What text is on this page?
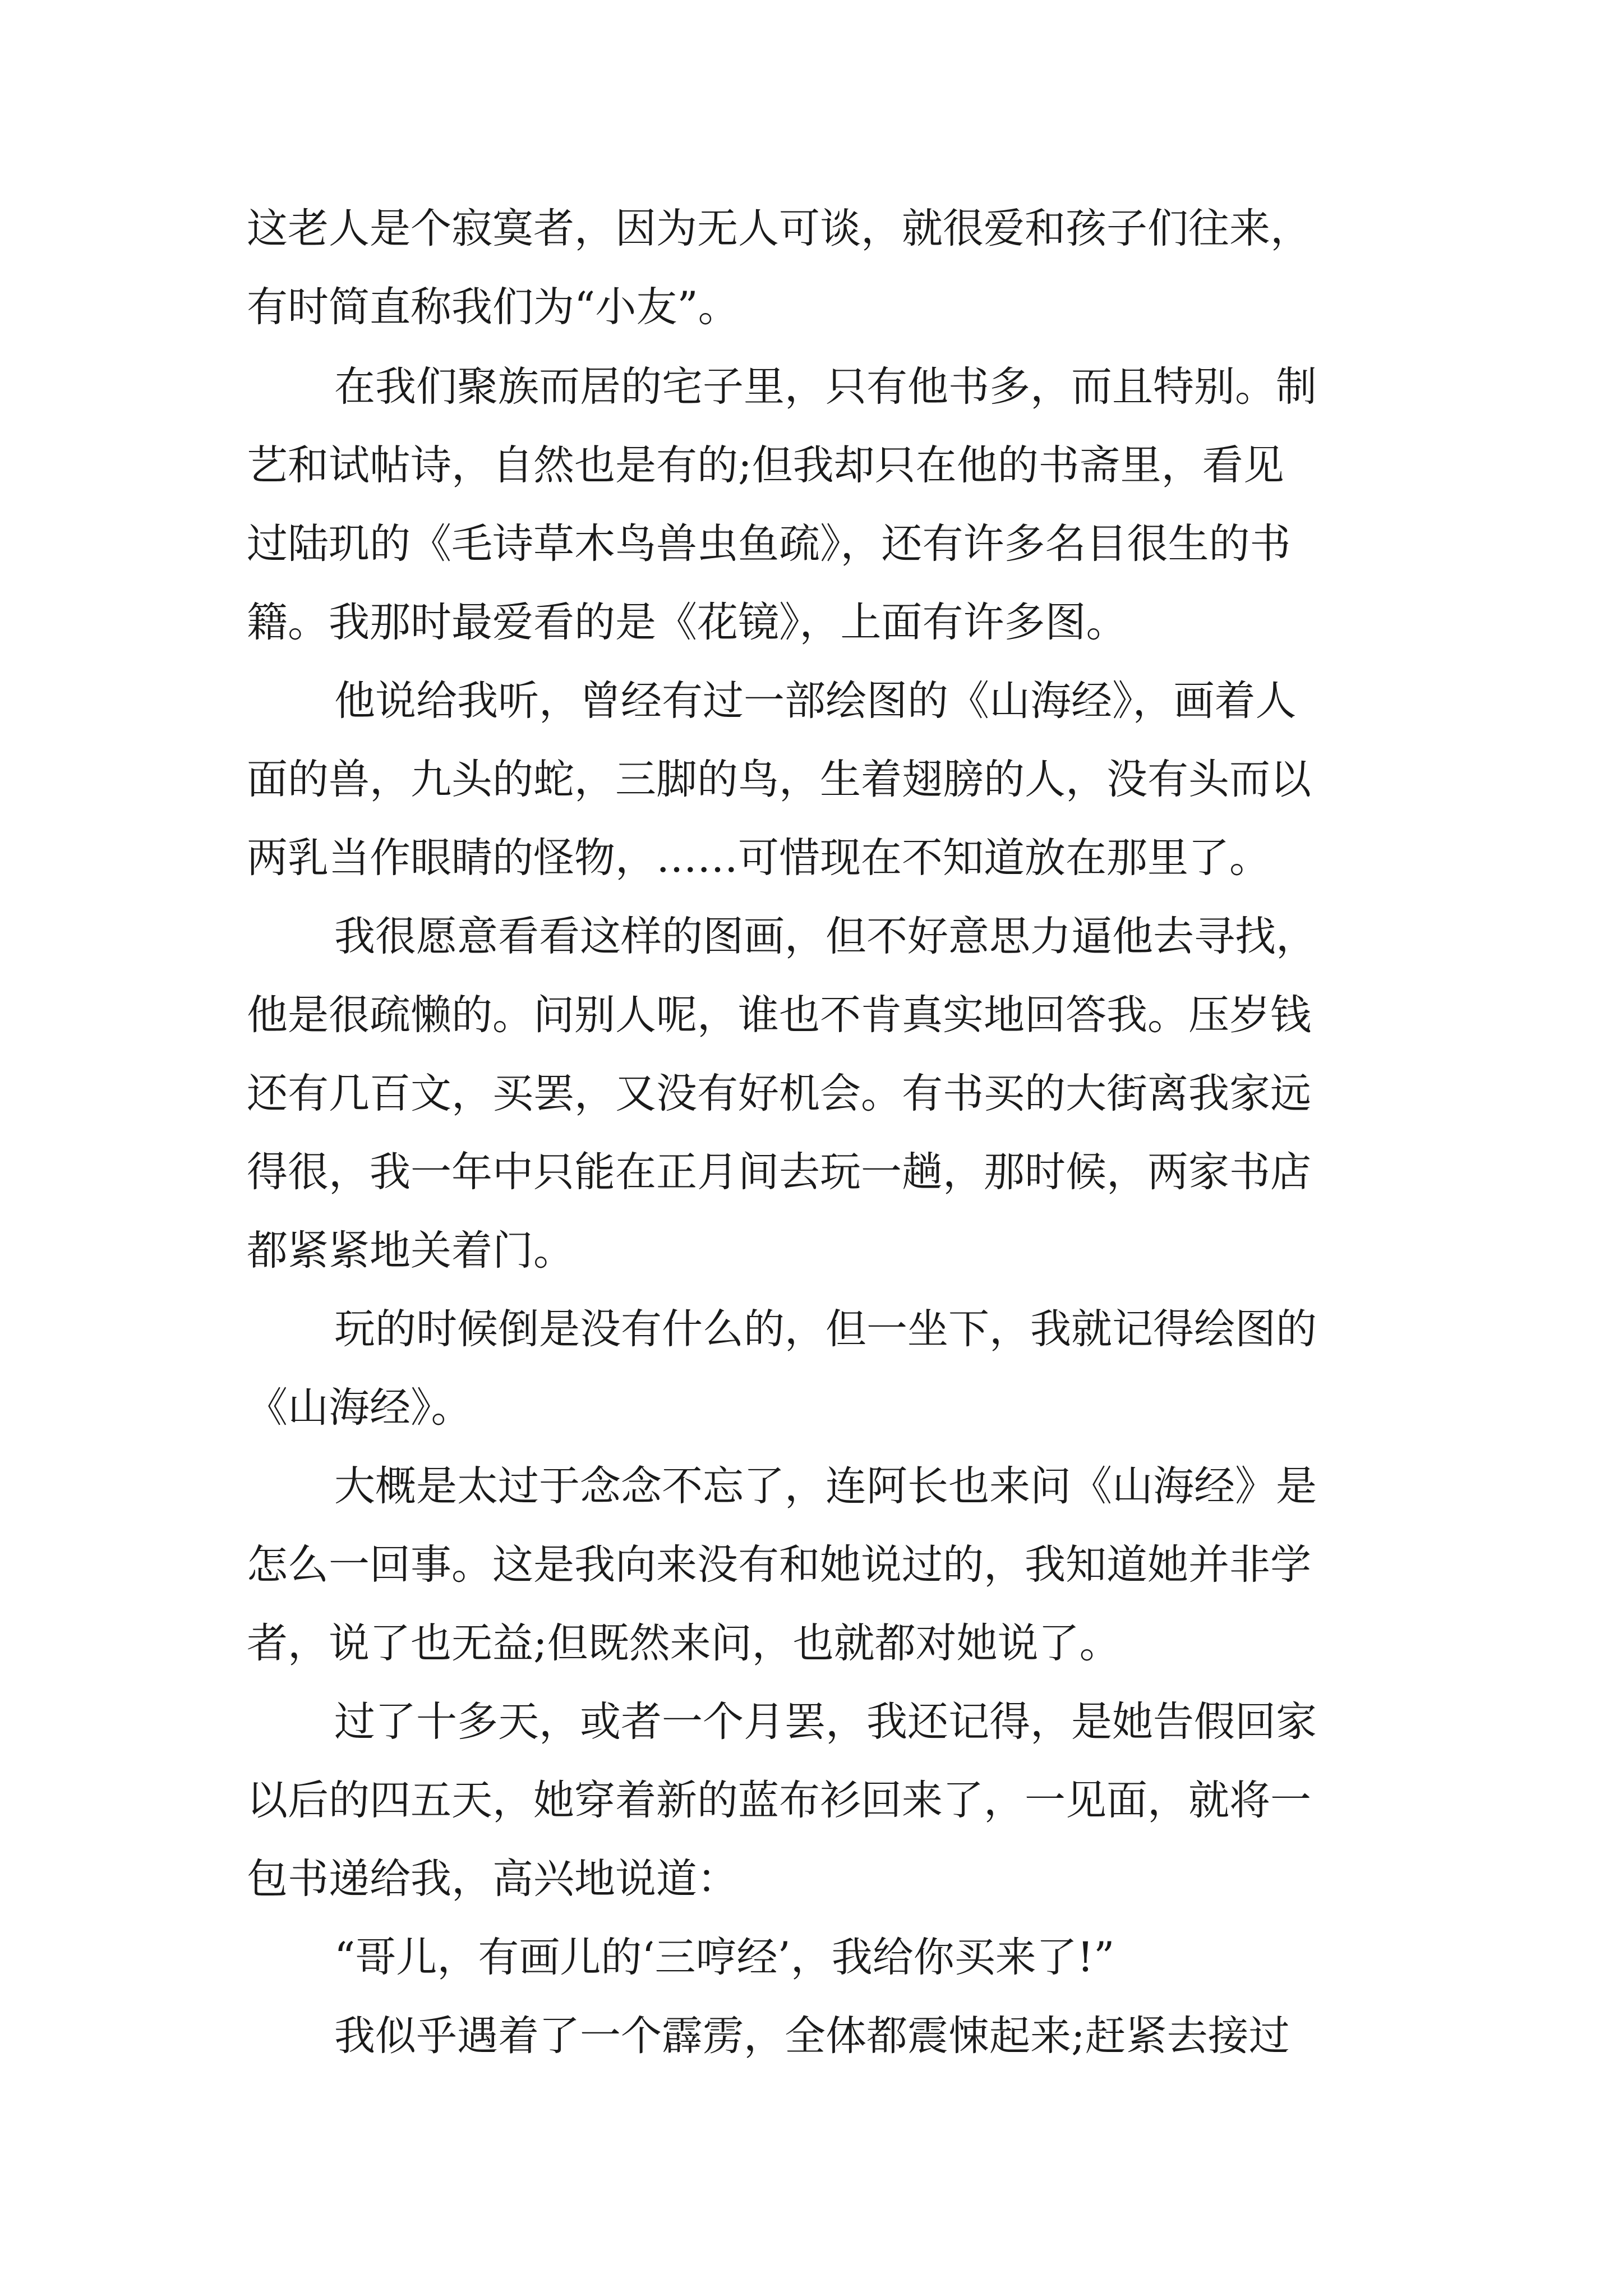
这老人是个寂寞者，因为无人可谈，就很爱和孩子们往来，
有时简直称我们为“小友”。
在我们聚族而居的宅子里，只有他书多，而且特别。制
艺和试帖诗，自然也是有的;但我却只在他的书斋里，看见
过陆玑的《毛诗草木鸟兽虫鱼疏》，还有许多名目很生的书
籍。我那时最爱看的是《花镜》，上面有许多图。
他说给我听，曾经有过一部绘图的《山海经》，画着人
面的兽，九头的蛇，三脚的鸟，生着翅膀的人，没有头而以
两乳当作眼睛的怪物，……可惜现在不知道放在那里了。
我很愿意看看这样的图画，但不好意思力逼他去寻找，
他是很疏懒的。问别人呢，谁也不肯真实地回答我。压岁钱
还有几百文，买罢，又没有好机会。有书买的大街离我家远
得很，我一年中只能在正月间去玩一趟，那时候，两家书店
都紧紧地关着门。
玩的时候倒是没有什么的，但一坐下，我就记得绘图的
《山海经》。
大概是太过于念念不忘了，连阿长也来问《山海经》是
怎么一回事。这是我向来没有和她说过的，我知道她并非学
者，说了也无益;但既然来问，也就都对她说了。
过了十多天，或者一个月罢，我还记得，是她告假回家
以后的四五天，她穿着新的蓝布衫回来了，一见面，就将一
包书递给我，高兴地说道：
“哥儿，有画儿的‘三哼经’，我给你买来了!”
我似乎遇着了一个霹雳，全体都震悚起来;赶紧去接过
